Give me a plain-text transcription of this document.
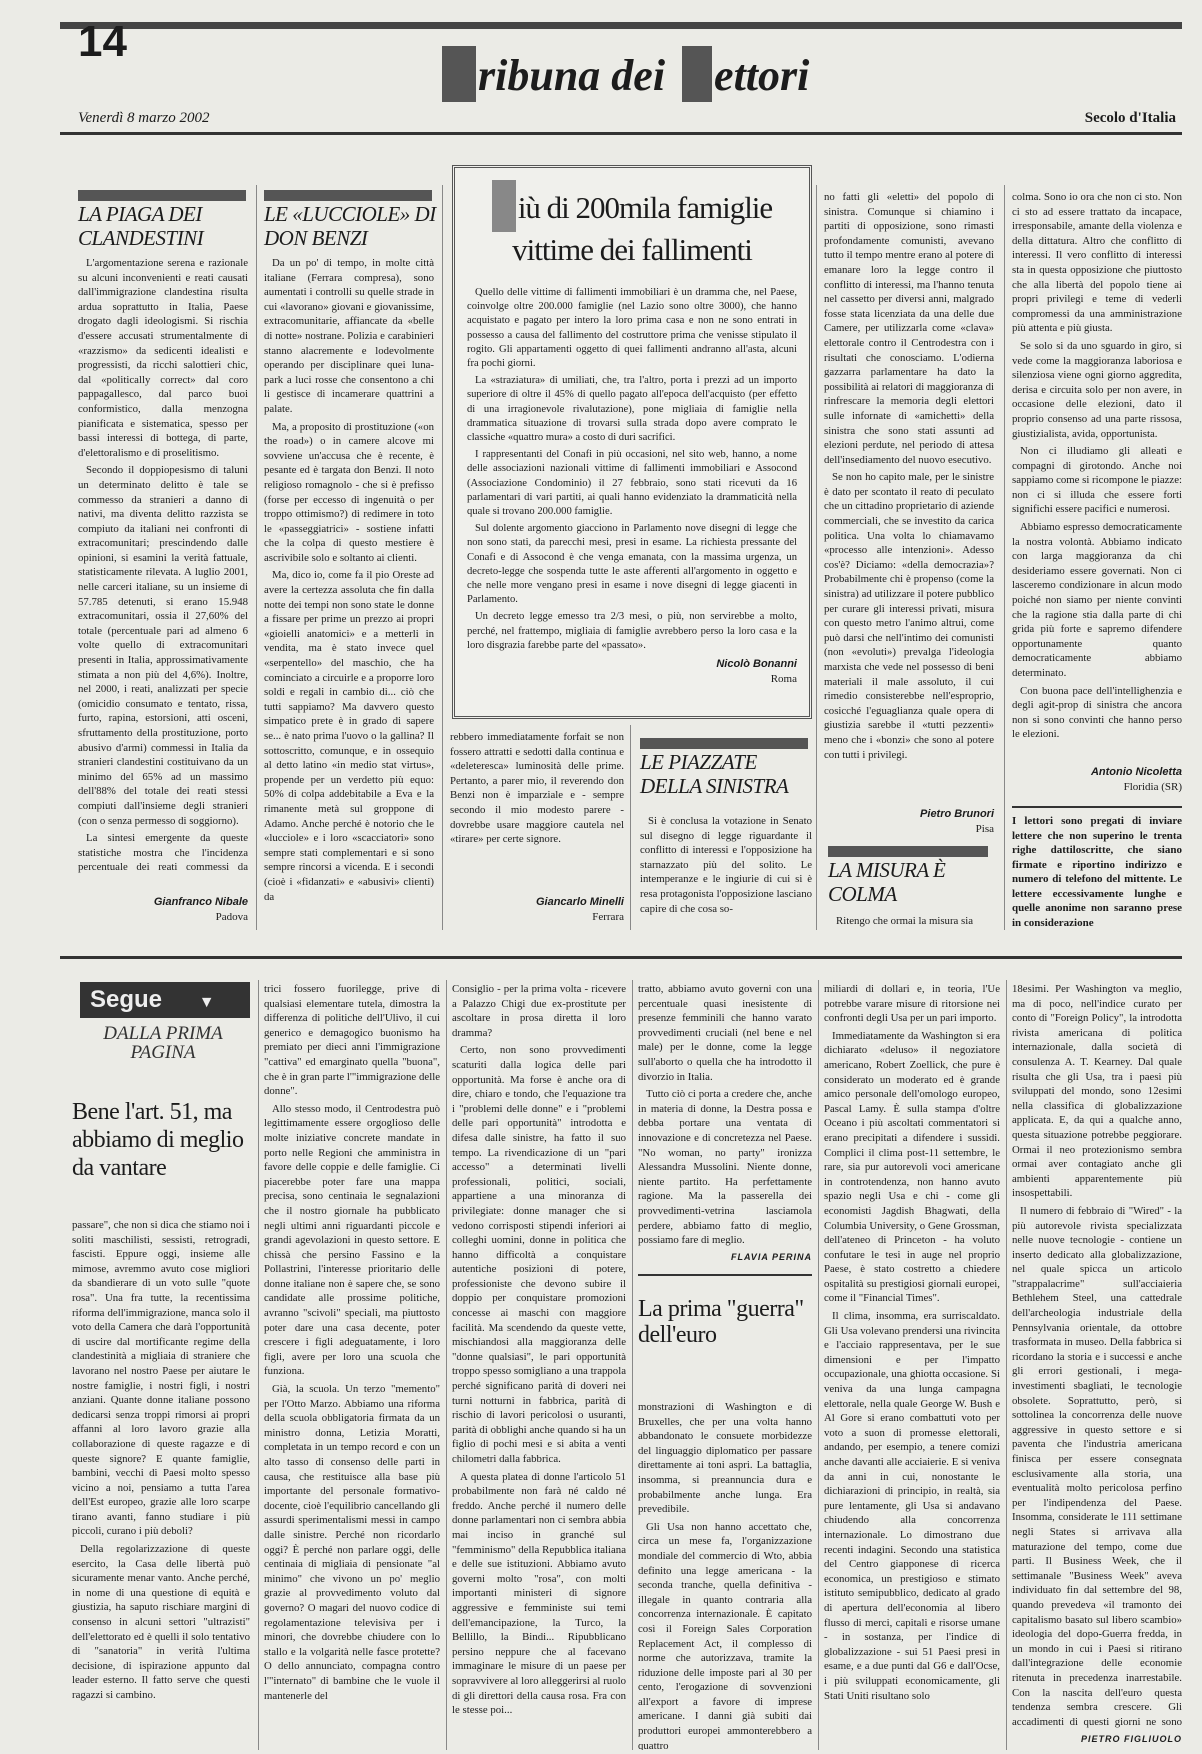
14
ribuna dei ettori
Venerdì 8 marzo 2002	Secolo d'Italia
LA PIAGA DEI CLANDESTINI

L'argomentazione serena e razionale su alcuni inconvenienti e reati causati dall'immigrazione clandestina risulta ardua soprattutto in Italia, Paese drogato dagli ideologismi. Si rischia d'essere accusati strumentalmente di «razzismo» da sedicenti idealisti e progressisti, da ricchi salottieri chic, dal «politically correct» dal coro pappagallesco, dal parco buoi conformistico, dalla menzogna pianificata e sistematica, spesso per bassi interessi di bottega, di parte, d'elettoralismo e di proselitismo.

Secondo il doppiopesismo di taluni un determinato delitto è tale se commesso da stranieri a danno di nativi, ma diventa delitto razzista se compiuto da italiani nei confronti di extracomunitari; prescindendo dalle opinioni, si esamini la verità fattuale, statisticamente rilevata. A luglio 2001, nelle carceri italiane, su un insieme di 57.785 detenuti, si erano 15.948 extracomunitari, ossia il 27,60% del totale (percentuale pari ad almeno 6 volte quello di extracomunitari presenti in Italia, approssimativamente stimata a non più del 4,6%). Inoltre, nel 2000, i reati, analizzati per specie (omicidio consumato e tentato, rissa, furto, rapina, estorsioni, atti osceni, sfruttamento della prostituzione, porto abusivo d'armi) commessi in Italia da stranieri clandestini costituivano da un minimo del 65% ad un massimo dell'88% del totale dei reati stessi compiuti dall'insieme degli stranieri (con o senza permesso di soggiorno).

La sintesi emergente da queste statistiche mostra che l'incidenza percentuale dei reati commessi da

Gianfranco Nibale
Padova
LE «LUCCIOLE» DI DON BENZI

Da un po' di tempo, in molte città italiane (Ferrara compresa), sono aumentati i controlli su quelle strade in cui «lavorano» giovani e giovanissime, extracomunitarie, affiancate da «belle di notte» nostrane. Polizia e carabinieri stanno alacremente e lodevolmente operando per disciplinare quei luna-park a luci rosse che consentono a chi li gestisce di incamerare quattrini a palate.

Ma, a proposito di prostituzione («on the road») o in camere alcove mi sovviene un'accusa che è recente, è pesante ed è targata don Benzi. Il noto religioso romagnolo - che si è prefisso (forse per eccesso di ingenuità o per troppo ottimismo?) di redimere in toto le «passeggiatrici» - sostiene infatti che la colpa di questo mestiere è ascrivibile solo e soltanto ai clienti.

Ma, dico io, come fa il pio Oreste ad avere la certezza assoluta che fin dalla notte dei tempi non sono state le donne a fissare per prime un prezzo ai propri «gioielli anatomici» e a metterli in vendita, ma è stato invece quel «serpentello» del maschio, che ha cominciato a circuirle e a proporre loro soldi e regali in cambio di... ciò che tutti sappiamo? Ma davvero questo simpatico prete è in grado di sapere se... è nato prima l'uovo o la gallina? Il sottoscritto, comunque, e in ossequio al detto latino «in medio stat virtus», propende per un verdetto più equo: 50% di colpa addebitabile a Eva e la rimanente metà sul groppone di Adamo. Anche perché è notorio che le «lucciole» e i loro «scacciatori» sono sempre stati complementari e si sono sempre rincorsi a vicenda. E i secondi (cioè i «fidanzati» e «abusivi» clienti) da

iù di 200mila famiglie vittime dei fallimenti

Quello delle vittime di fallimenti immobiliari è un dramma che, nel Paese, coinvolge oltre 200.000 famiglie (nel Lazio sono oltre 3000), che hanno acquistato e pagato per intero la loro prima casa e non ne sono entrati in possesso a causa del fallimento del costruttore prima che venisse stipulato il rogito. Gli appartamenti oggetto di quei fallimenti andranno all'asta, alcuni fra pochi giorni.

La «straziatura» di umiliati, che, tra l'altro, porta i prezzi ad un importo superiore di oltre il 45% di quello pagato all'epoca dell'acquisto (per effetto di una irragionevole rivalutazione), pone migliaia di famiglie nella drammatica situazione di trovarsi sulla strada dopo avere comprato le classiche «quattro mura» a costo di duri sacrifici.

I rappresentanti del Conafi in più occasioni, nel sito web, hanno, a nome delle associazioni nazionali vittime di fallimenti immobiliari e Assocond (Associazione Condominio) il 27 febbraio, sono stati ricevuti da 16 parlamentari di vari partiti, ai quali hanno evidenziato la drammaticità nella quale si trovano 200.000 famiglie.

Sul dolente argomento giacciono in Parlamento nove disegni di legge che non sono stati, da parecchi mesi, presi in esame. La richiesta pressante del Conafi e di Assocond è che venga emanata, con la massima urgenza, un decreto-legge che sospenda tutte le aste afferenti all'argomento in oggetto e che nelle more vengano presi in esame i nove disegni di legge giacenti in Parlamento.

Un decreto legge emesso tra 2/3 mesi, o più, non servirebbe a molto, perché, nel frattempo, migliaia di famiglie avrebbero perso la loro casa e la loro disgrazia farebbe parte del «passato».

Nicolò Bonanni
Roma

rebbero immediatamente forfait se non fossero attratti e sedotti dalla continua e «deleteresca» luminosità delle prime. Pertanto, a parer mio, il reverendo don Benzi non è imparziale e - sempre secondo il mio modesto parere - dovrebbe usare maggiore cautela nel «tirare» per certe signore.

Giancarlo Minelli
Ferrara
LE PIAZZATE DELLA SINISTRA

Si è conclusa la votazione in Senato sul disegno di legge riguardante il conflitto di interessi e l'opposizione ha starnazzato più del solito. Le intemperanze e le ingiurie di cui si è resa protagonista l'opposizione lasciano capire di che cosa so-

no fatti gli «eletti» del popolo di sinistra. Comunque si chiamino i partiti di opposizione, sono rimasti profondamente comunisti, avevano tutto il tempo mentre erano al potere di emanare loro la legge contro il conflitto di interessi, ma l'hanno tenuta nel cassetto per diversi anni, malgrado fosse stata licenziata da una delle due Camere, per utilizzarla come «clava» elettorale contro il Centrodestra con i risultati che conosciamo. L'odierna gazzarra parlamentare ha dato la possibilità ai relatori di maggioranza di rinfrescare la memoria degli elettori sulle infornate di «amichetti» della sinistra che sono stati assunti ad elezioni perdute, nel periodo di attesa dell'insediamento del nuovo esecutivo.

Se non ho capito male, per le sinistre è dato per scontato il reato di peculato che un cittadino proprietario di aziende commerciali, che se investito da carica politica. Una volta lo chiamavamo «processo alle intenzioni». Adesso cos'è? Diciamo: «della democrazia»? Probabilmente chi è propenso (come la sinistra) ad utilizzare il potere pubblico per curare gli interessi privati, misura con questo metro l'animo altrui, come può darsi che nell'intimo dei comunisti (non «evoluti») prevalga l'ideologia marxista che vede nel possesso di beni materiali il male assoluto, il cui rimedio consisterebbe nell'esproprio, cosicché l'eguaglianza quale opera di giustizia sarebbe il «tutti pezzenti» meno che i «bonzi» che sono al potere con tutti i privilegi.

Pietro Brunori
Pisa
LA MISURA È COLMA

Ritengo che ormai la misura sia

colma. Sono io ora che non ci sto. Non ci sto ad essere trattato da incapace, irresponsabile, amante della violenza e della dittatura. Altro che conflitto di interessi. Il vero conflitto di interessi sta in questa opposizione che piuttosto che alla libertà del popolo tiene ai propri privilegi e teme di vederli compromessi da una amministrazione più attenta e più giusta.

Se solo si da uno sguardo in giro, si vede come la maggioranza laboriosa e silenziosa viene ogni giorno aggredita, derisa e circuita solo per non avere, in occasione delle elezioni, dato il proprio consenso ad una parte rissosa, giustizialista, avida, opportunista.

Non ci illudiamo gli alleati e compagni di girotondo. Anche noi sappiamo come si ricompone le piazze: non ci si illuda che essere forti significhi essere pacifici e numerosi.

Abbiamo espresso democraticamente la nostra volontà. Abbiamo indicato con larga maggioranza da chi desideriamo essere governati. Non ci lasceremo condizionare in alcun modo poiché non siamo per niente convinti che la ragione stia dalla parte di chi grida più forte e sapremo difendere opportunamente quanto democraticamente abbiamo determinato.

Con buona pace dell'intellighenzia e degli agit-prop di sinistra che ancora non si sono convinti che hanno perso le elezioni.

Antonio Nicoletta
Floridia (SR)
I lettori sono pregati di inviare lettere che non superino le trenta righe dattiloscritte, che siano firmate e riportino indirizzo e numero di telefono del mittente. Le lettere eccessivamente lunghe e quelle anonime non saranno prese in considerazione
Segue ▼
DALLA PRIMA PAGINA
Bene l'art. 51, ma abbiamo di meglio da vantare

passare", che non si dica che stiamo noi i soliti maschilisti, sessisti, retrogradi, fascisti. Eppure oggi, insieme alle mimose, avremmo avuto cose migliori da sbandierare di un voto sulle "quote rosa". Una fra tutte, la recentissima riforma dell'immigrazione, manca solo il voto della Camera che darà l'opportunità di uscire dal mortificante regime della clandestinità a migliaia di straniere che lavorano nel nostro Paese per aiutare le nostre famiglie, i nostri figli, i nostri anziani. Quante donne italiane possono dedicarsi senza troppi rimorsi ai propri affanni al loro lavoro grazie alla collaborazione di queste ragazze e di queste signore? E quante famiglie, bambini, vecchi di Paesi molto spesso vicino a noi, pensiamo a tutta l'area dell'Est europeo, grazie alle loro scarpe tirano avanti, fanno studiare i più piccoli, curano i più deboli?

Della regolarizzazione di queste esercito, la Casa delle libertà può sicuramente menar vanto. Anche perché, in nome di una questione di equità e giustizia, ha saputo rischiare margini di consenso in alcuni settori "ultrazisti" dell'elettorato ed è quelli il solo tentativo di "sanatoria" in verità l'ultima decisione, di ispirazione appunto dal leader esterno. Il fatto serve che questi ragazzi si cambino.

trici fossero fuorilegge, prive di qualsiasi elementare tutela, dimostra la differenza di politiche dell'Ulivo, il cui generico e demagogico buonismo ha premiato per dieci anni l'immigrazione "cattiva" ed emarginato quella "buona", che è in gran parte l'"immigrazione delle donne".

Allo stesso modo, il Centrodestra può legittimamente essere orgoglioso delle molte iniziative concrete mandate in porto nelle Regioni che amministra in favore delle coppie e delle famiglie. Ci piacerebbe poter fare una mappa precisa, sono centinaia le segnalazioni che il nostro giornale ha pubblicato negli ultimi anni riguardanti piccole e grandi agevolazioni in questo settore. E chissà che persino Fassino e la Pollastrini, l'interesse prioritario delle donne italiane non è sapere che, se sono candidate alle prossime politiche, avranno "scivoli" speciali, ma piuttosto poter dare una casa decente, poter crescere i figli adeguatamente, i loro figli, avere per loro una scuola che funziona.

Già, la scuola. Un terzo "memento" per l'Otto Marzo. Abbiamo una riforma della scuola obbligatoria firmata da un ministro donna, Letizia Moratti, completata in un tempo record e con un alto tasso di consenso delle parti in causa, che restituisce alla base più importante del personale formativo-docente, cioè l'equilibrio cancellando gli assurdi sperimentalismi messi in campo dalle sinistre. Perché non ricordarlo oggi? È perché non parlare oggi, delle centinaia di migliaia di pensionate "al minimo" che vivono un po' meglio grazie al provvedimento voluto dal governo? O magari del nuovo codice di regolamentazione televisiva per i minori, che dovrebbe chiudere con lo stallo e la volgarità nelle fasce protette? O dello annunciato, compagna contro l'"internato" di bambine che le vuole il mantenerle del

Consiglio - per la prima volta - ricevere a Palazzo Chigi due ex-prostitute per ascoltare in prosa diretta il loro dramma?

Certo, non sono provvedimenti scaturiti dalla logica delle pari opportunità. Ma forse è anche ora di dire, chiaro e tondo, che l'equazione tra i "problemi delle donne" e i "problemi delle pari opportunità" introdotta e difesa dalle sinistre, ha fatto il suo tempo. La rivendicazione di un "pari accesso" a determinati livelli professionali, politici, sociali, appartiene a una minoranza di privilegiate: donne manager che si vedono corrisposti stipendi inferiori ai colleghi uomini, donne in politica che hanno difficoltà a conquistare autentiche posizioni di potere, professioniste che devono subire il doppio per conquistare promozioni concesse ai maschi con maggiore facilità. Ma scendendo da queste vette, mischiandosi alla maggioranza delle "donne qualsiasi", le pari opportunità troppo spesso somigliano a una trappola perché significano parità di doveri nei turni notturni in fabbrica, parità di rischio di lavori pericolosi o usuranti, parità di obblighi anche quando si ha un figlio di pochi mesi e si abita a venti chilometri dalla fabbrica.

A questa platea di donne l'articolo 51 probabilmente non farà né caldo né freddo. Anche perché il numero delle donne parlamentari non ci sembra abbia mai inciso in granché sul "femminismo" della Repubblica italiana e delle sue istituzioni. Abbiamo avuto governi molto "rosa", con molti importanti ministeri di signore aggressive e femministe sui temi dell'emancipazione, la Turco, la Bellillo, la Bindi... Ripubblicano persino neppure che al facevano immaginare le misure di un paese per sopravvivere al loro alleggerirsi al ruolo di gli direttori della causa rosa. Fra con le stesse poi...

tratto, abbiamo avuto governi con una percentuale quasi inesistente di presenze femminili che hanno varato provvedimenti cruciali (nel bene e nel male) per le donne, come la legge sull'aborto o quella che ha introdotto il divorzio in Italia.

Tutto ciò ci porta a credere che, anche in materia di donne, la Destra possa e debba portare una ventata di innovazione e di concretezza nel Paese. "No woman, no party" ironizza Alessandra Mussolini. Niente donne, niente partito. Ha perfettamente ragione. Ma la passerella dei provvedimenti-vetrina lasciamola perdere, abbiamo fatto di meglio, possiamo fare di meglio.

FLAVIA PERINA
La prima "guerra" dell'euro

monstrazioni di Washington e di Bruxelles, che per una volta hanno abbandonato le consuete morbidezze del linguaggio diplomatico per passare direttamente ai toni aspri. La battaglia, insomma, si preannuncia dura e probabilmente anche lunga. Era prevedibile.

Gli Usa non hanno accettato che, circa un mese fa, l'organizzazione mondiale del commercio di Wto, abbia definito una legge americana - la seconda tranche, quella definitiva - illegale in quanto contraria alla concorrenza internazionale. È capitato così il Foreign Sales Corporation Replacement Act, il complesso di norme che autorizzava, tramite la riduzione delle imposte pari al 30 per cento, l'erogazione di sovvenzioni all'export a favore di imprese americane. I danni già subiti dai produttori europei ammonterebbero a quattro

miliardi di dollari e, in teoria, l'Ue potrebbe varare misure di ritorsione nei confronti degli Usa per un pari importo.

Immediatamente da Washington si era dichiarato «deluso» il negoziatore americano, Robert Zoellick, che pure è considerato un moderato ed è grande amico personale dell'omologo europeo, Pascal Lamy. È sulla stampa d'oltre Oceano i più ascoltati commentatori si erano precipitati a difendere i sussidi. Complici il clima post-11 settembre, le rare, sia pur autorevoli voci americane in controtendenza, non hanno avuto spazio negli Usa e chi - come gli economisti Jagdish Bhagwati, della Columbia University, o Gene Grossman, dell'ateneo di Princeton - ha voluto confutare le tesi in auge nel proprio Paese, è stato costretto a chiedere ospitalità su prestigiosi giornali europei, come il "Financial Times".

Il clima, insomma, era surriscaldato. Gli Usa volevano prendersi una rivincita e l'acciaio rappresentava, per le sue dimensioni e per l'impatto occupazionale, una ghiotta occasione. Si veniva da una lunga campagna elettorale, nella quale George W. Bush e Al Gore si erano combattuti voto per voto a suon di promesse elettorali, andando, per esempio, a tenere comizi anche davanti alle acciaierie. E si veniva da anni in cui, nonostante le dichiarazioni di principio, in realtà, sia pure lentamente, gli Usa si andavano chiudendo alla concorrenza internazionale. Lo dimostrano due recenti indagini. Secondo una statistica del Centro giapponese di ricerca economica, un prestigioso e stimato istituto semipubblico, dedicato al grado di apertura dell'economia al libero flusso di merci, capitali e risorse umane - in sostanza, per l'indice di globalizzazione - sui 51 Paesi presi in esame, e a due punti dal G6 e dall'Ocse, i più sviluppati economicamente, gli Stati Uniti risultano solo

18esimi. Per Washington va meglio, ma di poco, nell'indice curato per conto di "Foreign Policy", la introdotta rivista americana di politica internazionale, dalla società di consulenza A. T. Kearney. Dal quale risulta che gli Usa, tra i paesi più sviluppati del mondo, sono 12esimi nella classifica di globalizzazione applicata. E, da qui a qualche anno, questa situazione potrebbe peggiorare. Ormai il neo protezionismo sembra ormai aver contagiato anche gli ambienti apparentemente più insospettabili.

Il numero di febbraio di "Wired" - la più autorevole rivista specializzata nelle nuove tecnologie - contiene un inserto dedicato alla globalizzazione, nel quale spicca un articolo "strappalacrime" sull'acciaieria Bethlehem Steel, una cattedrale dell'archeologia industriale della Pennsylvania orientale, da ottobre trasformata in museo. Della fabbrica si ricordano la storia e i successi e anche gli errori gestionali, i mega-investimenti sbagliati, le tecnologie obsolete. Soprattutto, però, si sottolinea la concorrenza delle nuove aggressive in questo settore e si paventa che l'industria americana finisca per essere consegnata esclusivamente alla storia, una eventualità molto pericolosa perfino per l'indipendenza del Paese. Insomma, considerate le 111 settimane negli States si arrivava alla maturazione del tempo, come due parti. Il Business Week, che il settimanale "Business Week" aveva individuato fin dal settembre del 98, quando prevedeva «il tramonto dei capitalismo basato sul libero scambio» ideologia del dopo-Guerra fredda, in un mondo in cui i Paesi si ritirano dall'integrazione delle economie ritenuta in precedenza inarrestabile. Con la nascita dell'euro questa tendenza sembra crescere. Gli accadimenti di questi giorni ne sono

PIETRO FIGLIUOLO
